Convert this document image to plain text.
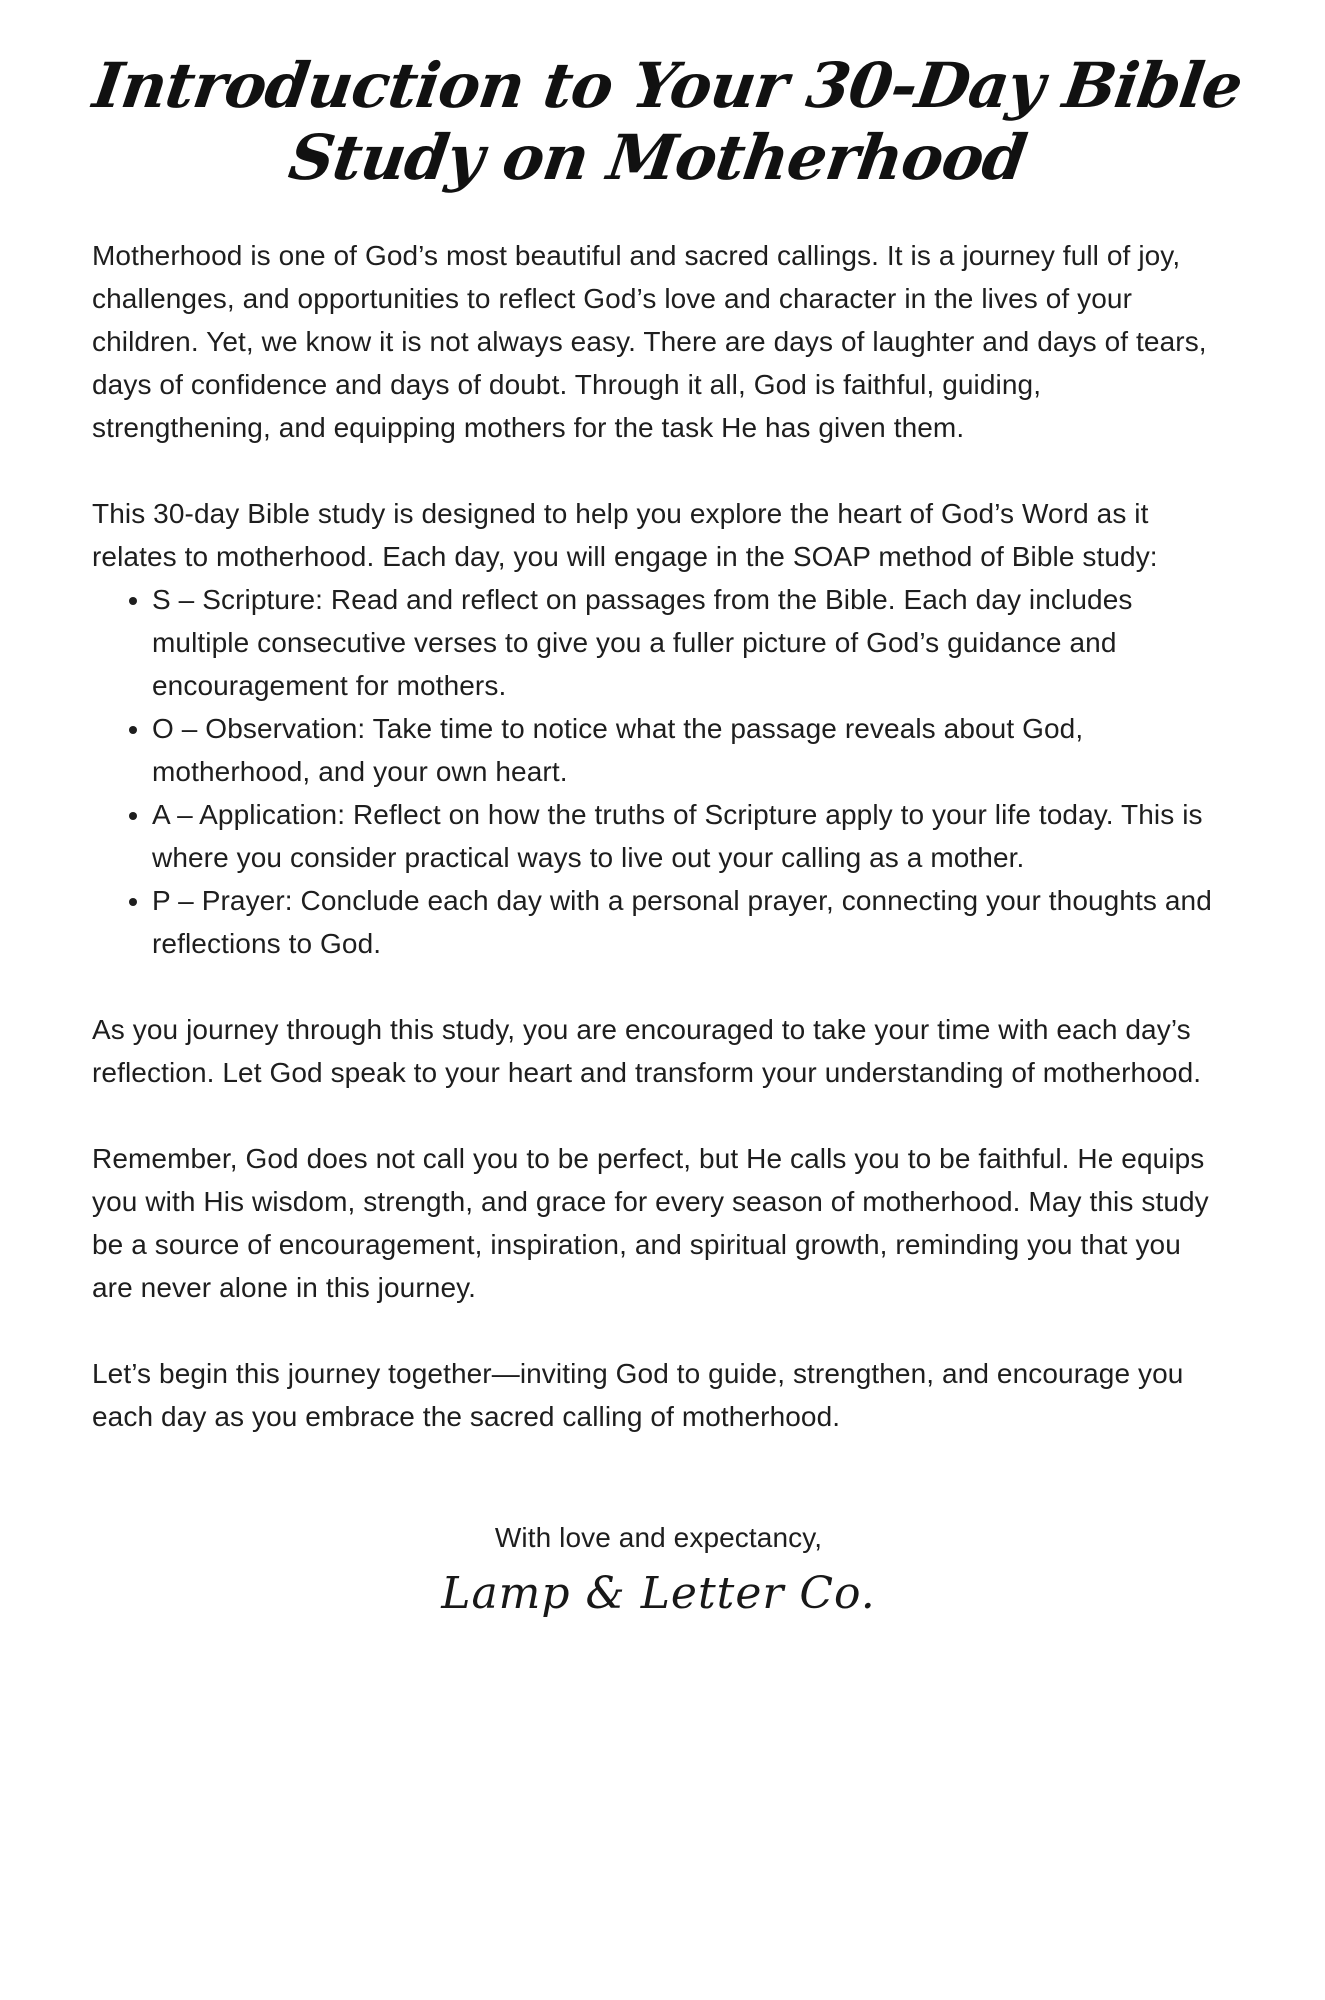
Introduction to Your 30-Day Bible
Study on Motherhood

Motherhood is one of God’s most beautiful and sacred callings. It is a journey full of joy, challenges, and opportunities to reflect God’s love and character in the lives of your children. Yet, we know it is not always easy. There are days of laughter and days of tears, days of confidence and days of doubt. Through it all, God is faithful, guiding, strengthening, and equipping mothers for the task He has given them.

This 30-day Bible study is designed to help you explore the heart of God’s Word as it relates to motherhood. Each day, you will engage in the SOAP method of Bible study:

• S – Scripture: Read and reflect on passages from the Bible. Each day includes multiple consecutive verses to give you a fuller picture of God’s guidance and encouragement for mothers.
• O – Observation: Take time to notice what the passage reveals about God, motherhood, and your own heart.
• A – Application: Reflect on how the truths of Scripture apply to your life today. This is where you consider practical ways to live out your calling as a mother.
• P – Prayer: Conclude each day with a personal prayer, connecting your thoughts and reflections to God.

As you journey through this study, you are encouraged to take your time with each day’s reflection. Let God speak to your heart and transform your understanding of motherhood.

Remember, God does not call you to be perfect, but He calls you to be faithful. He equips you with His wisdom, strength, and grace for every season of motherhood. May this study be a source of encouragement, inspiration, and spiritual growth, reminding you that you are never alone in this journey.

Let’s begin this journey together—inviting God to guide, strengthen, and encourage you each day as you embrace the sacred calling of motherhood.

With love and expectancy,

Lamp & Letter Co.
